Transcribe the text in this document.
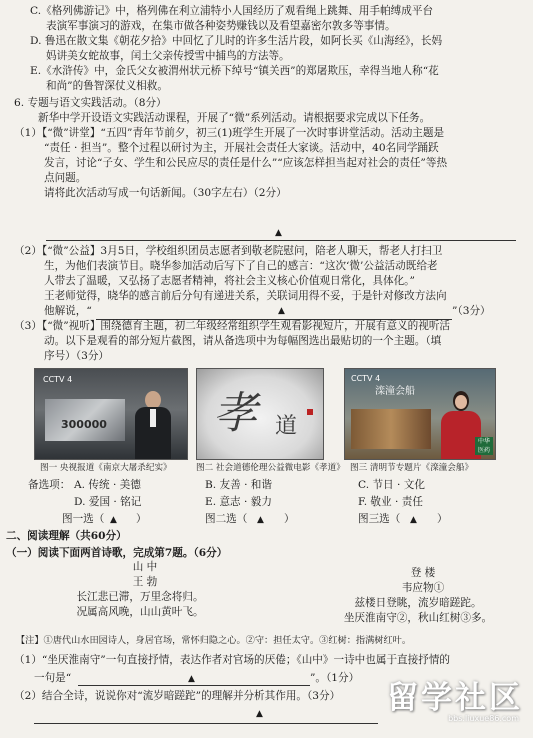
C.《格列佛游记》中，格列佛在利立浦特小人国经历了观看绳上跳舞、用手帕缚成平台

表演军事演习的游戏，在集市做各种姿势赚钱以及看望嘉密尔敦多等事情。

D. 鲁迅在散文集《朝花夕拾》中回忆了儿时的许多生活片段，如阿长买《山海经》，长妈

妈讲美女蛇故事，闰土父亲传授雪中捕鸟的方法等。

E.《水浒传》中，金氏父女被渭州状元桥下绰号“镇关西”的郑屠欺压，幸得当地人称“花

和尚”的鲁智深仗义相救。

6. 专题与语文实践活动。（8分）

新华中学开设语文实践活动课程，开展了“微”系列活动。请根据要求完成以下任务。

（1）【“微”讲堂】“五四”青年节前夕，初三(1)班学生开展了一次时事讲堂活动。活动主题是

“责任 · 担当”。整个过程以研讨为主，开展社会责任大家谈。活动中，40名同学踊跃

发言，讨论“子女、学生和公民应尽的责任是什么”“应该怎样担当起对社会的责任”等热

点问题。

请将此次活动写成一句话新闻。（30字左右）（2分）

▲

（2）【“微”公益】3月5日，学校组织团员志愿者到敬老院慰问，陪老人聊天，帮老人打扫卫

生，为他们表演节目。晓华参加活动后写下了自己的感言：“这次‘微’公益活动既给老

人带去了温暖，又弘扬了志愿者精神，将社会主义核心价值观日常化，具体化。”

王老师觉得，晓华的感言前后分句有递进关系，关联词用得不妥，于是针对修改方法向

他解说，“	▲	”（3分）

（3）【“微”视听】围绕德育主题，初二年级经常组织学生观看影视短片，开展有意义的视听活

动。以下是观看的部分短片截图，请从备选项中为每幅图选出最贴切的一个主题。（填

序号）（3分）

CCTV 4
300000
图一 央视报道《南京大屠杀纪实》
孝 道
图二 社会道德伦理公益微电影《孝道》
CCTV 4
滦潼会船
中华
医药
图三 清明节专题片《滦潼会船》
备选项： A. 传统 · 美德	B. 友善 · 和谐	C. 节日 · 文化
D. 爱国 · 铭记	E. 意志 · 毅力	F. 敬业 · 责任
图一选（ ▲ ）	图二选（ ▲ ）	图三选（ ▲ ）
二、阅读理解（共60分）
（一）阅读下面两首诗歌，完成第7题。（6分）
山 中
王 勃
长江悲已滞，万里念将归。
况属高风晚，山山黄叶飞。
登 楼
韦应物①
兹楼日登眺，流岁暗蹉跎。
坐厌淮南守②，秋山红树③多。
【注】①唐代山水田园诗人，身居官场，常怀归隐之心。②守：担任太守。③红树：指满树红叶。
（1）“坐厌淮南守”一句直接抒情，表达作者对官场的厌倦；《山中》一诗中也属于直接抒情的
一句是“	▲	”。（1分）
（2）结合全诗，说说你对“流岁暗蹉跎”的理解并分析其作用。（3分）
▲	留学社区
bbs.liuxue86.com
